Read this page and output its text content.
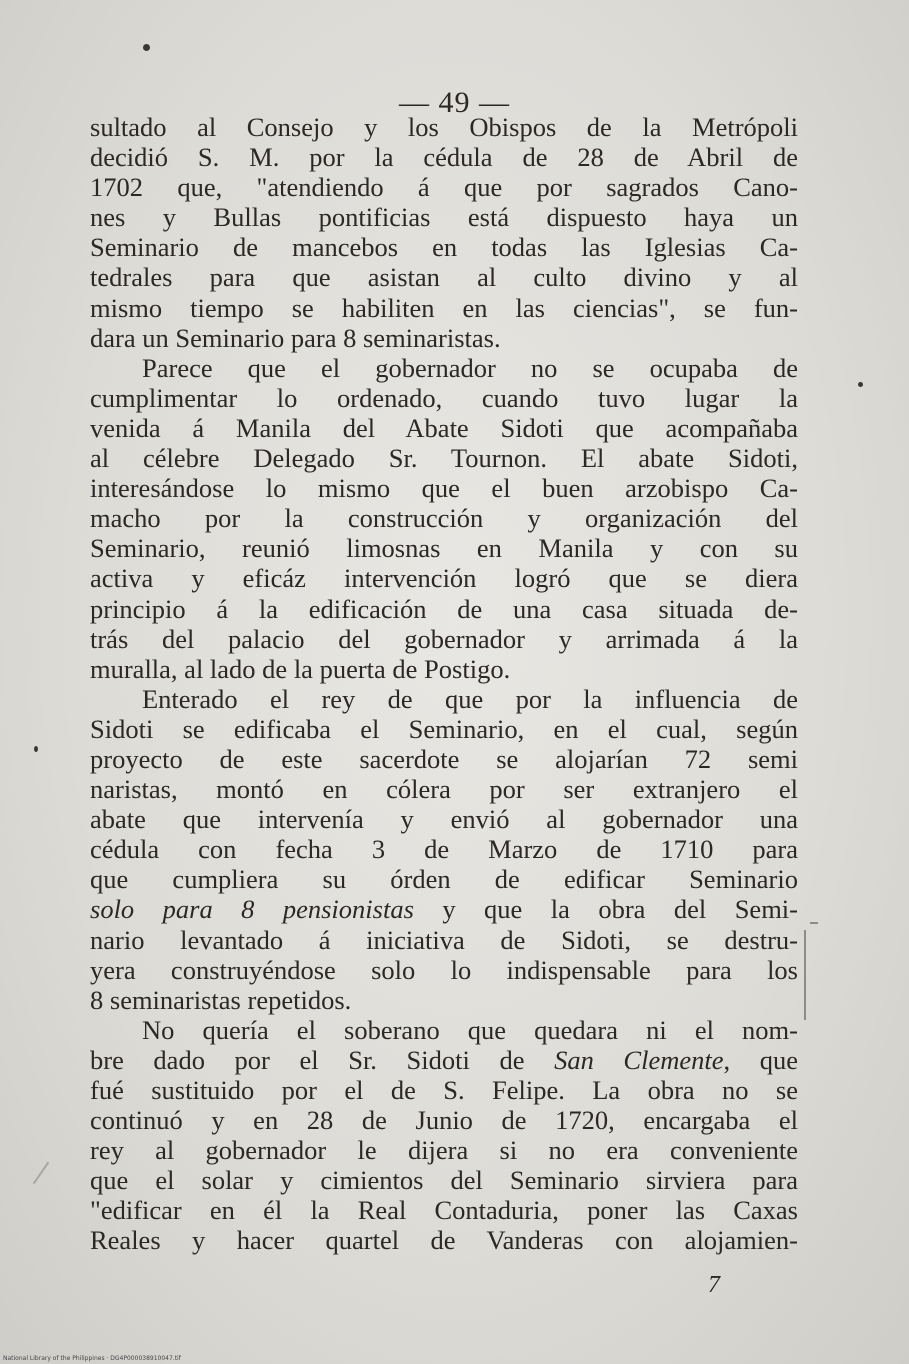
— 49 —
sultado al Consejo y los Obispos de la Metrópoli
decidió S. M. por la cédula de 28 de Abril de
1702 que, "atendiendo á que por sagrados Cano-
nes y Bullas pontificias está dispuesto haya un
Seminario de mancebos en todas las Iglesias Ca-
tedrales para que asistan al culto divino y al
mismo tiempo se habiliten en las ciencias", se fun-
dara un Seminario para 8 seminaristas.
Parece que el gobernador no se ocupaba de
cumplimentar lo ordenado, cuando tuvo lugar la
venida á Manila del Abate Sidoti que acompañaba
al célebre Delegado Sr. Tournon. El abate Sidoti,
interesándose lo mismo que el buen arzobispo Ca-
macho por la construcción y organización del
Seminario, reunió limosnas en Manila y con su
activa y eficáz intervención logró que se diera
principio á la edificación de una casa situada de-
trás del palacio del gobernador y arrimada á la
muralla, al lado de la puerta de Postigo.
Enterado el rey de que por la influencia de
Sidoti se edificaba el Seminario, en el cual, según
proyecto de este sacerdote se alojarían 72 semi
naristas, montó en cólera por ser extranjero el
abate que intervenía y envió al gobernador una
cédula con fecha 3 de Marzo de 1710 para
que cumpliera su órden de edificar Seminario
solo para 8 pensionistas y que la obra del Semi-
nario levantado á iniciativa de Sidoti, se destru-
yera construyéndose solo lo indispensable para los
8 seminaristas repetidos.
No quería el soberano que quedara ni el nom-
bre dado por el Sr. Sidoti de San Clemente, que
fué sustituido por el de S. Felipe. La obra no se
continuó y en 28 de Junio de 1720, encargaba el
rey al gobernador le dijera si no era conveniente
que el solar y cimientos del Seminario sirviera para
"edificar en él la Real Contaduria, poner las Caxas
Reales y hacer quartel de Vanderas con alojamien-
7
National Library of the Philippines · DG4P000038910047.tif
